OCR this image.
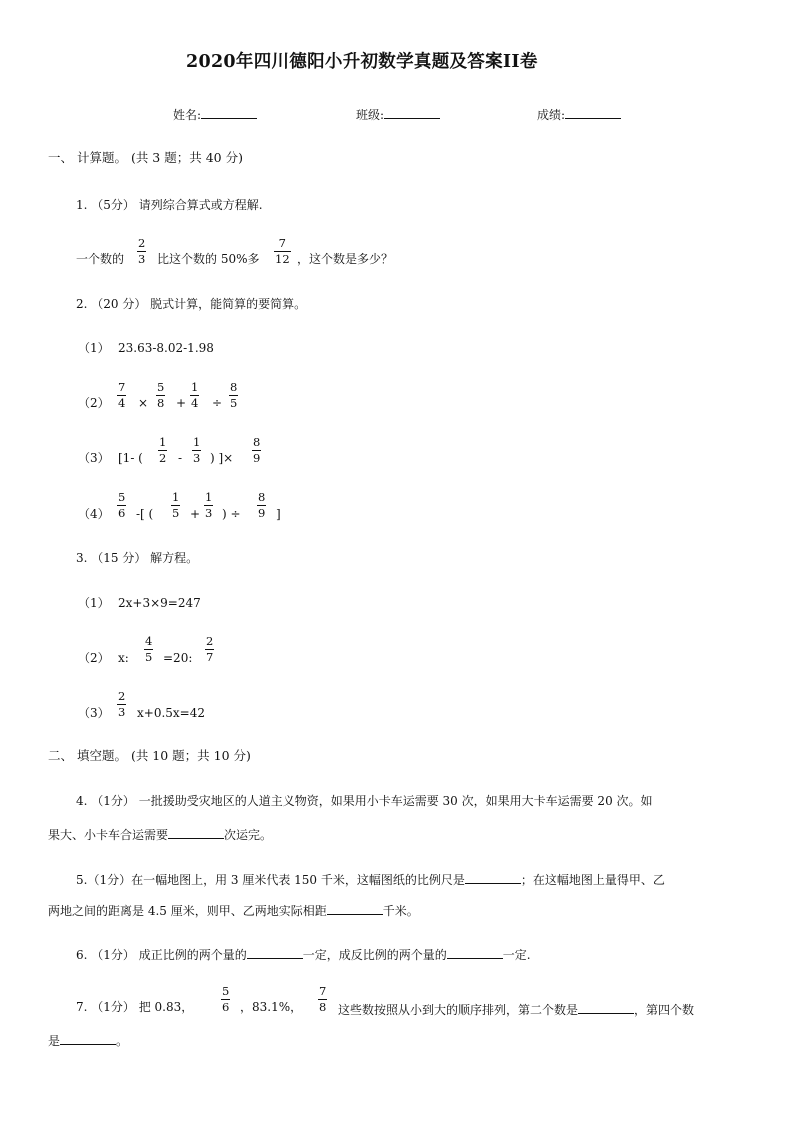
2020年四川德阳小升初数学真题及答案II卷
姓名:	班级:	成绩:
一、 计算题。 (共 3 题；共 40 分)
1. （5分） 请列综合算式或方程解.
一个数的
2
3 比这个数的 50%多
7
12 ，这个数是多少？
2. （20 分） 脱式计算，能简算的要简算。
（1） 23.63-8.02-1.98
（2）
7
4 ×
5
8 +
1
4 ÷
8
5
（3） [1- (
1
2 -
1
3 ) ]×
8
9
（4）
5
6 -[ (
1
5 +
1
3 ) ÷
8
9 ]
3. （15 分） 解方程。
（1） 2x+3×9=247
（2） x:
4
5 =20:
2
7
（3）
2
3 x+0.5x=42
二、 填空题。 (共 10 题；共 10 分)
4. （1分） 一批援助受灾地区的人道主义物资，如果用小卡车运需要 30 次，如果用大卡车运需要 20 次。如
果大、小卡车合运需要	次运完。
5.（1分）在一幅地图上，用 3 厘米代表 150 千米，这幅图纸的比例尺是	；在这幅地图上量得甲、乙
两地之间的距离是 4.5 厘米，则甲、乙两地实际相距	千米。
6. （1分） 成正比例的两个量的	一定，成反比例的两个量的	一定.
7. （1分） 把 0.83，
5
6 ，83.1%，
7
8 这些数按照从小到大的顺序排列，第二个数是	，第四个数
是	。
